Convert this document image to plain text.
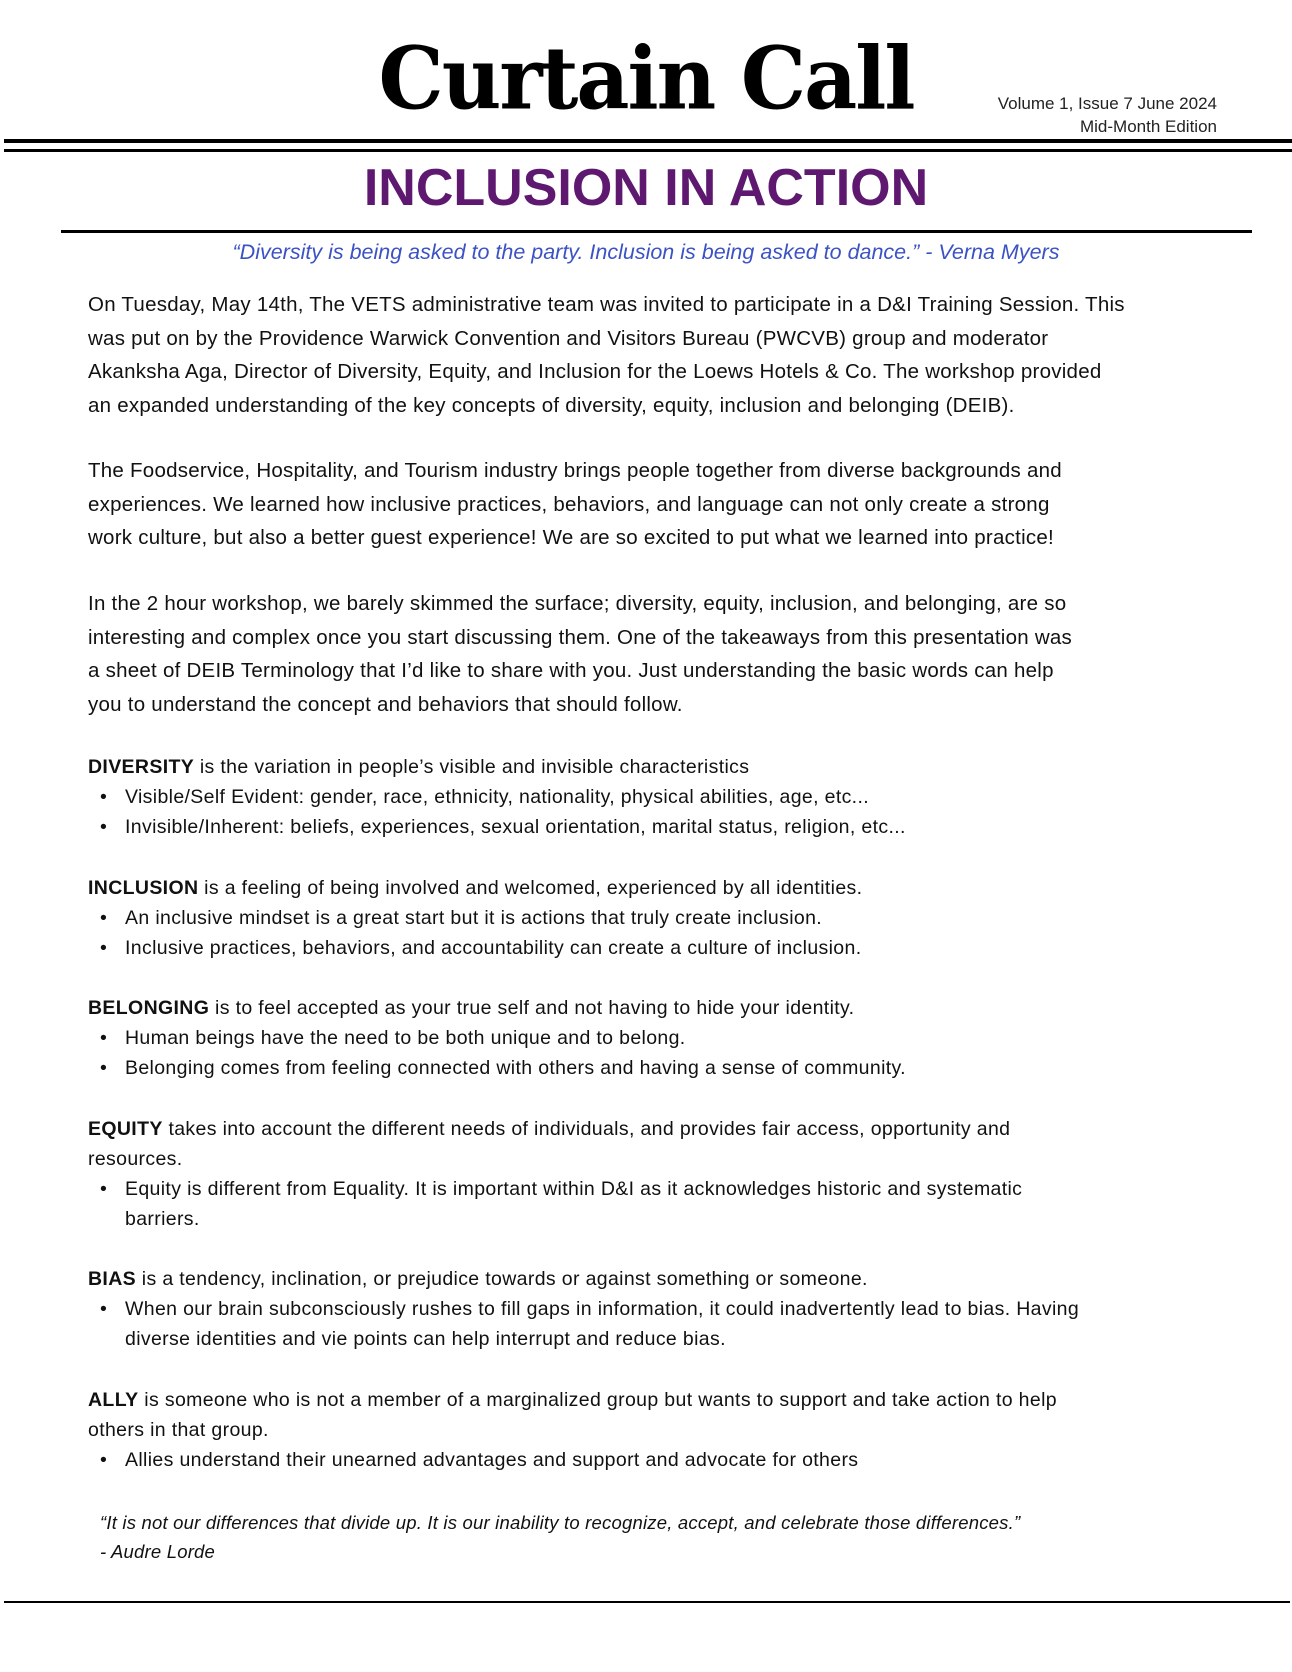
Curtain Call	Volume 1, Issue 7 June 2024
Mid-Month Edition
INCLUSION IN ACTION
“Diversity is being asked to the party. Inclusion is being asked to dance.” - Verna Myers
On Tuesday, May 14th, The VETS administrative team was invited to participate in a D&I Training Session. This
was put on by the Providence Warwick Convention and Visitors Bureau (PWCVB) group and moderator
Akanksha Aga, Director of Diversity, Equity, and Inclusion for the Loews Hotels & Co. The workshop provided
an expanded understanding of the key concepts of diversity, equity, inclusion and belonging (DEIB).
The Foodservice, Hospitality, and Tourism industry brings people together from diverse backgrounds and
experiences. We learned how inclusive practices, behaviors, and language can not only create a strong
work culture, but also a better guest experience! We are so excited to put what we learned into practice!
In the 2 hour workshop, we barely skimmed the surface; diversity, equity, inclusion, and belonging, are so
interesting and complex once you start discussing them. One of the takeaways from this presentation was
a sheet of DEIB Terminology that I’d like to share with you. Just understanding the basic words can help
you to understand the concept and behaviors that should follow.
DIVERSITY is the variation in people’s visible and invisible characteristics
• Visible/Self Evident: gender, race, ethnicity, nationality, physical abilities, age, etc...
• Invisible/Inherent: beliefs, experiences, sexual orientation, marital status, religion, etc...
INCLUSION is a feeling of being involved and welcomed, experienced by all identities.
• An inclusive mindset is a great start but it is actions that truly create inclusion.
• Inclusive practices, behaviors, and accountability can create a culture of inclusion.
BELONGING is to feel accepted as your true self and not having to hide your identity.
• Human beings have the need to be both unique and to belong.
• Belonging comes from feeling connected with others and having a sense of community.
EQUITY takes into account the different needs of individuals, and provides fair access, opportunity and
resources.
• Equity is different from Equality. It is important within D&I as it acknowledges historic and systematic
barriers.
BIAS is a tendency, inclination, or prejudice towards or against something or someone.
• When our brain subconsciously rushes to fill gaps in information, it could inadvertently lead to bias. Having
diverse identities and vie points can help interrupt and reduce bias.
ALLY is someone who is not a member of a marginalized group but wants to support and take action to help
others in that group.
• Allies understand their unearned advantages and support and advocate for others
“It is not our differences that divide up. It is our inability to recognize, accept, and celebrate those differences.”
- Audre Lorde
